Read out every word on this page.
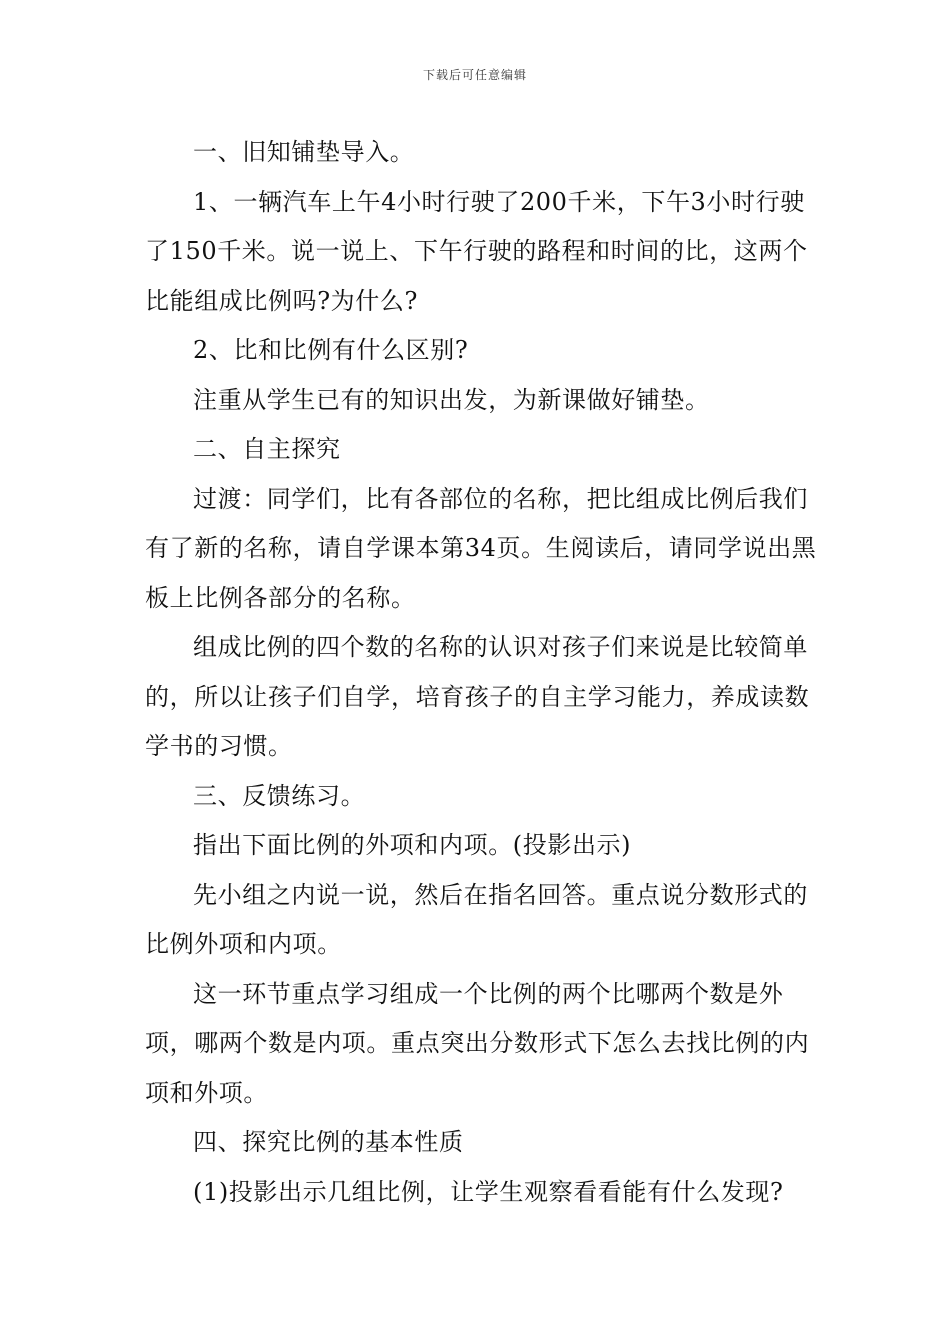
下载后可任意编辑

一、旧知铺垫导入。

1、一辆汽车上午4小时行驶了200千米，下午3小时行驶了150千米。说一说上、下午行驶的路程和时间的比，这两个比能组成比例吗?为什么?

2、比和比例有什么区别?

注重从学生已有的知识出发，为新课做好铺垫。

二、自主探究

过渡：同学们，比有各部位的名称，把比组成比例后我们有了新的名称，请自学课本第34页。生阅读后，请同学说出黑板上比例各部分的名称。

组成比例的四个数的名称的认识对孩子们来说是比较简单的，所以让孩子们自学，培育孩子的自主学习能力，养成读数学书的习惯。

三、反馈练习。

指出下面比例的外项和内项。(投影出示)

先小组之内说一说，然后在指名回答。重点说分数形式的比例外项和内项。

这一环节重点学习组成一个比例的两个比哪两个数是外项，哪两个数是内项。重点突出分数形式下怎么去找比例的内项和外项。

四、探究比例的基本性质

(1)投影出示几组比例，让学生观察看看能有什么发现?
